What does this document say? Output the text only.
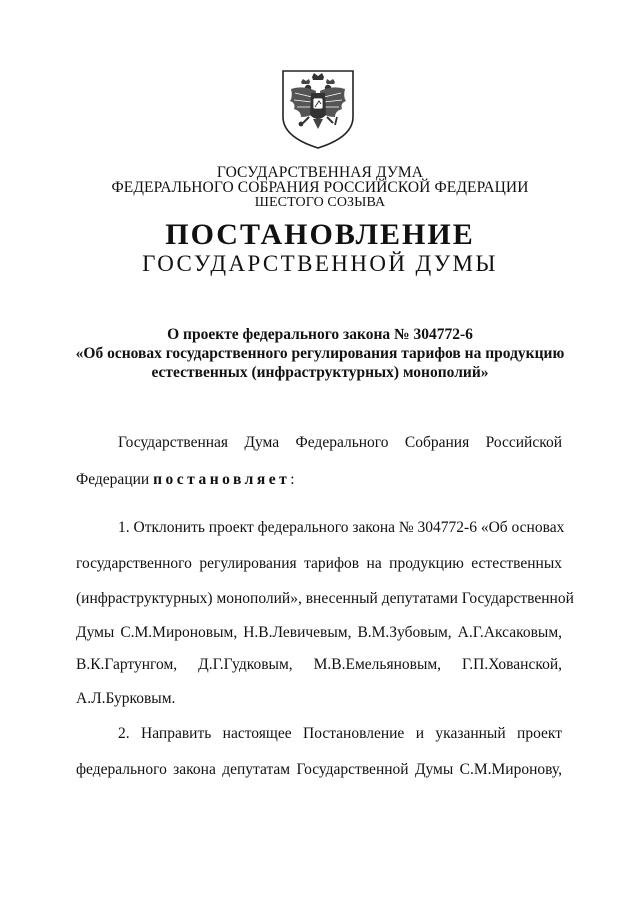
ГОСУДАРСТВЕННАЯ ДУМА
ФЕДЕРАЛЬНОГО СОБРАНИЯ РОССИЙСКОЙ ФЕДЕРАЦИИ
ШЕСТОГО СОЗЫВА
ПОСТАНОВЛЕНИЕ
ГОСУДАРСТВЕННОЙ ДУМЫ
О проекте федерального закона № 304772-6
«Об основах государственного регулирования тарифов на продукцию
естественных (инфраструктурных) монополий»
Государственная Дума Федерального Собрания Российской
Федерации постановляет:
1. Отклонить проект федерального закона № 304772-6 «Об основах
государственного регулирования тарифов на продукцию естественных
(инфраструктурных) монополий», внесенный депутатами Государственной
Думы С.М.Мироновым, Н.В.Левичевым, В.М.Зубовым, А.Г.Аксаковым,
В.К.Гартунгом, Д.Г.Гудковым, М.В.Емельяновым, Г.П.Хованской,
А.Л.Бурковым.
2. Направить настоящее Постановление и указанный проект
федерального закона депутатам Государственной Думы С.М.Миронову,
